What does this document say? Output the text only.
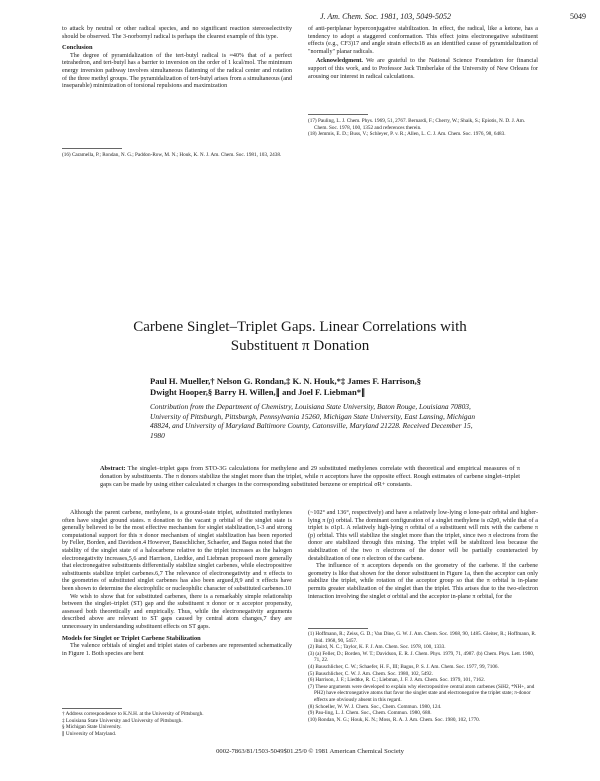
J. Am. Chem. Soc. 1981, 103, 5049-5052	5049

to attack by neutral or other radical species, and no significant reaction stereoselectivity should be observed. The 3-norbornyl radical is perhaps the clearest example of this type.

Conclusion

The degree of pyramidalization of the tert-butyl radical is ≈40% that of a perfect tetrahedron, and tert-butyl has a barrier to inversion on the order of 1 kcal/mol. The minimum energy inversion pathway involves simultaneous flattening of the radical center and rotation of the three methyl groups. The pyramidalization of tert-butyl arises from a simultaneous (and inseparable) minimization of torsional repulsions and maximization

(16) Caramella, P.; Rondan, N. G.; Paddon-Row, M. N.; Houk, K. N. J. Am. Chem. Soc. 1981, 103, 2438.

of anti-periplanar hyperconjugative stabilization. In effect, the radical, like a ketone, has a tendency to adopt a staggered conformation. This effect joins electronegative substituent effects (e.g., CF3)17 and angle strain effects18 as an identified cause of pyramidalization of "normally" planar radicals.

Acknowledgment. We are grateful to the National Science Foundation for financial support of this work, and to Professor Jack Timberlake of the University of New Orleans for arousing our interest in radical calculations.

(17) Pauling, L. J. Chem. Phys. 1969, 51, 2767. Bernardi, F.; Cherry, W.; Shaik, S.; Epiotis, N. D. J. Am. Chem. Soc. 1978, 100, 1352 and references therein.
(18) Jemmis, E. D.; Buss, V.; Schleyer, P. v. R.; Allen, L. C. J. Am. Chem. Soc. 1976, 98, 6483.
Carbene Singlet–Triplet Gaps. Linear Correlations with
Substituent π Donation
Paul H. Mueller,† Nelson G. Rondan,‡ K. N. Houk,*‡ James F. Harrison,§
Dwight Hooper,§ Barry H. Willen,∥ and Joel F. Liebman*∥
Contribution from the Department of Chemistry, Louisiana State University, Baton Rouge, Louisiana 70803, University of Pittsburgh, Pittsburgh, Pennsylvania 15260, Michigan State University, East Lansing, Michigan 48824, and University of Maryland Baltimore County, Catonsville, Maryland 21228. Received December 15, 1980
Abstract: The singlet–triplet gaps from STO-3G calculations for methylene and 29 substituted methylenes correlate with theoretical and empirical measures of π donation by substituents. The π donors stabilize the singlet more than the triplet, while π acceptors have the opposite effect. Rough estimates of carbene singlet–triplet gaps can be made by using either calculated π charges in the corresponding substituted benzene or empirical σR+ constants.

Although the parent carbene, methylene, is a ground-state triplet, substituted methylenes often have singlet ground states. π donation to the vacant p orbital of the singlet state is generally believed to be the most effective mechanism for singlet stabilization,1-3 and strong computational support for this π donor mechanism of singlet stabilization has been reported by Feller, Borden, and Davidson.4 However, Bauschlicher, Schaefer, and Bagus noted that the stability of the singlet state of a halocarbene relative to the triplet increases as the halogen electronegativity increases,5,6 and Harrison, Liedtke, and Liebman proposed more generally that electronegative substituents differentially stabilize singlet carbenes, while electropositive substituents stabilize triplet carbenes.6,7 The relevance of electronegativity and π effects to the geometries of substituted singlet carbenes has also been argued,8,9 and π effects have been shown to determine the electrophilic or nucleophilic character of substituted carbenes.10

We wish to show that for substituted carbenes, there is a remarkably simple relationship between the singlet–triplet (ST) gap and the substituent π donor or π acceptor propensity, assessed both theoretically and empirically. Thus, while the electronegativity arguments described above are relevant to ST gaps caused by central atom changes,7 they are unnecessary in understanding substituent effects on ST gaps.

Models for Singlet or Triplet Carbene Stabilization

The valence orbitals of singlet and triplet states of carbenes are represented schematically in Figure 1. Both species are bent

† Address correspondence to K.N.H. at the University of Pittsburgh.
‡ Louisiana State University and University of Pittsburgh.
§ Michigan State University.
∥ University of Maryland.

(~102° and 136°, respectively) and have a relatively low-lying σ lone-pair orbital and higher-lying π (p) orbital. The dominant configuration of a singlet methylene is σ2p0, while that of a triplet is σ1p1. A relatively high-lying π orbital of a substituent will mix with the carbene π (p) orbital. This will stabilize the singlet more than the triplet, since two π electrons from the donor are stabilized through this mixing. The triplet will be stabilized less because the stabilization of the two π electrons of the donor will be partially counteracted by destabilization of one π electron of the carbene.

The influence of π acceptors depends on the geometry of the carbene. If the carbene geometry is like that shown for the donor substituent in Figure 1a, then the acceptor can only stabilize the triplet, while rotation of the acceptor group so that the π orbital is in-plane permits greater stabilization of the singlet than the triplet. This arises due to the two-electron interaction involving the singlet σ orbital and the acceptor in-plane π orbital, for the

(1) Hoffmann, R.; Zeiss, G. D.; Van Dine, G. W. J. Am. Chem. Soc. 1968, 90, 1485. Gleiter, R.; Hoffmann, R. Ibid. 1968, 90, 5457.
(2) Baird, N. C.; Taylor, K. F. J. Am. Chem. Soc. 1978, 100, 1333.
(3) (a) Feller, D.; Borden, W. T.; Davidson, E. R. J. Chem. Phys. 1979, 71, 4987. (b) Chem. Phys. Lett. 1980, 71, 22.
(4) Bauschlicher, C. W.; Schaefer, H. F., III; Bagus, P. S. J. Am. Chem. Soc. 1977, 99, 7106.
(5) Bauschlicher, C. W. J. Am. Chem. Soc. 1980, 102, 5492.
(6) Harrison, J. F.; Liedtke, R. C.; Liebman, J. F. J. Am. Chem. Soc. 1979, 101, 7162.
(7) These arguments were developed to explain why electropositive central atom carbenes (SiH2, *NH+, and PH2) have electronegative atoms that favor the singlet state and electronegative the triplet state; π-donor effects are obviously absent in this regard.
(8) Schoeller, W. W. J. Chem. Soc., Chem. Commun. 1980, 124.
(9) Pau-ling, L. J. Chem. Soc., Chem. Commun. 1980, 688.
(10) Rondan, N. G.; Houk, K. N.; Moss, R. A. J. Am. Chem. Soc. 1980, 102, 1770.
0002-7863/81/1503-5049$01.25/0 © 1981 American Chemical Society
